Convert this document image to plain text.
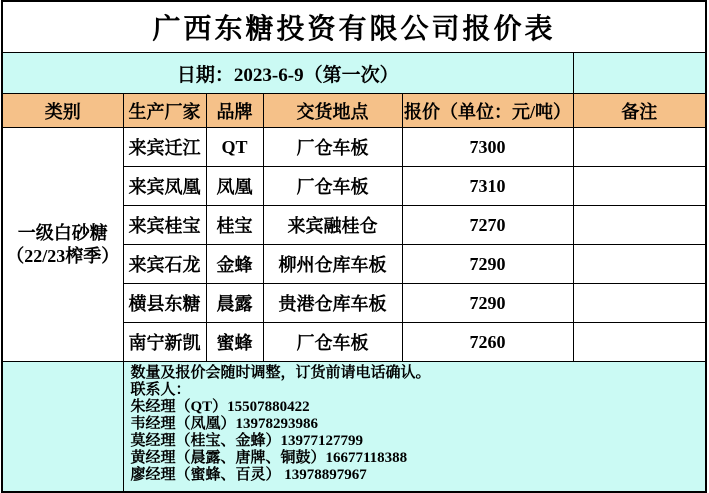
广西东糖投资有限公司报价表					
日期：2023-6-9（第一次）					
类别	生产厂家	品牌	交货地点	报价（单位：元/吨）	备注

一级白砂糖
（22/23榨季）	来宾迁江	QT	厂仓车板	7300	
	来宾凤凰	凤凰	厂仓车板	7310	
	来宾桂宝	桂宝	来宾融桂仓	7270	
	来宾石龙	金蜂	柳州仓库车板	7290	
	横县东糖	晨露	贵港仓库车板	7290	
	南宁新凯	蜜蜂	厂仓车板	7260	

数量及报价会随时调整，订货前请电话确认。
联系人：
朱经理（QT）15507880422
韦经理（凤凰）13978293986
莫经理（桂宝、金蜂）13977127799
黄经理（晨露、唐牌、铜鼓）16677118388
廖经理（蜜蜂、百灵） 13978897967
